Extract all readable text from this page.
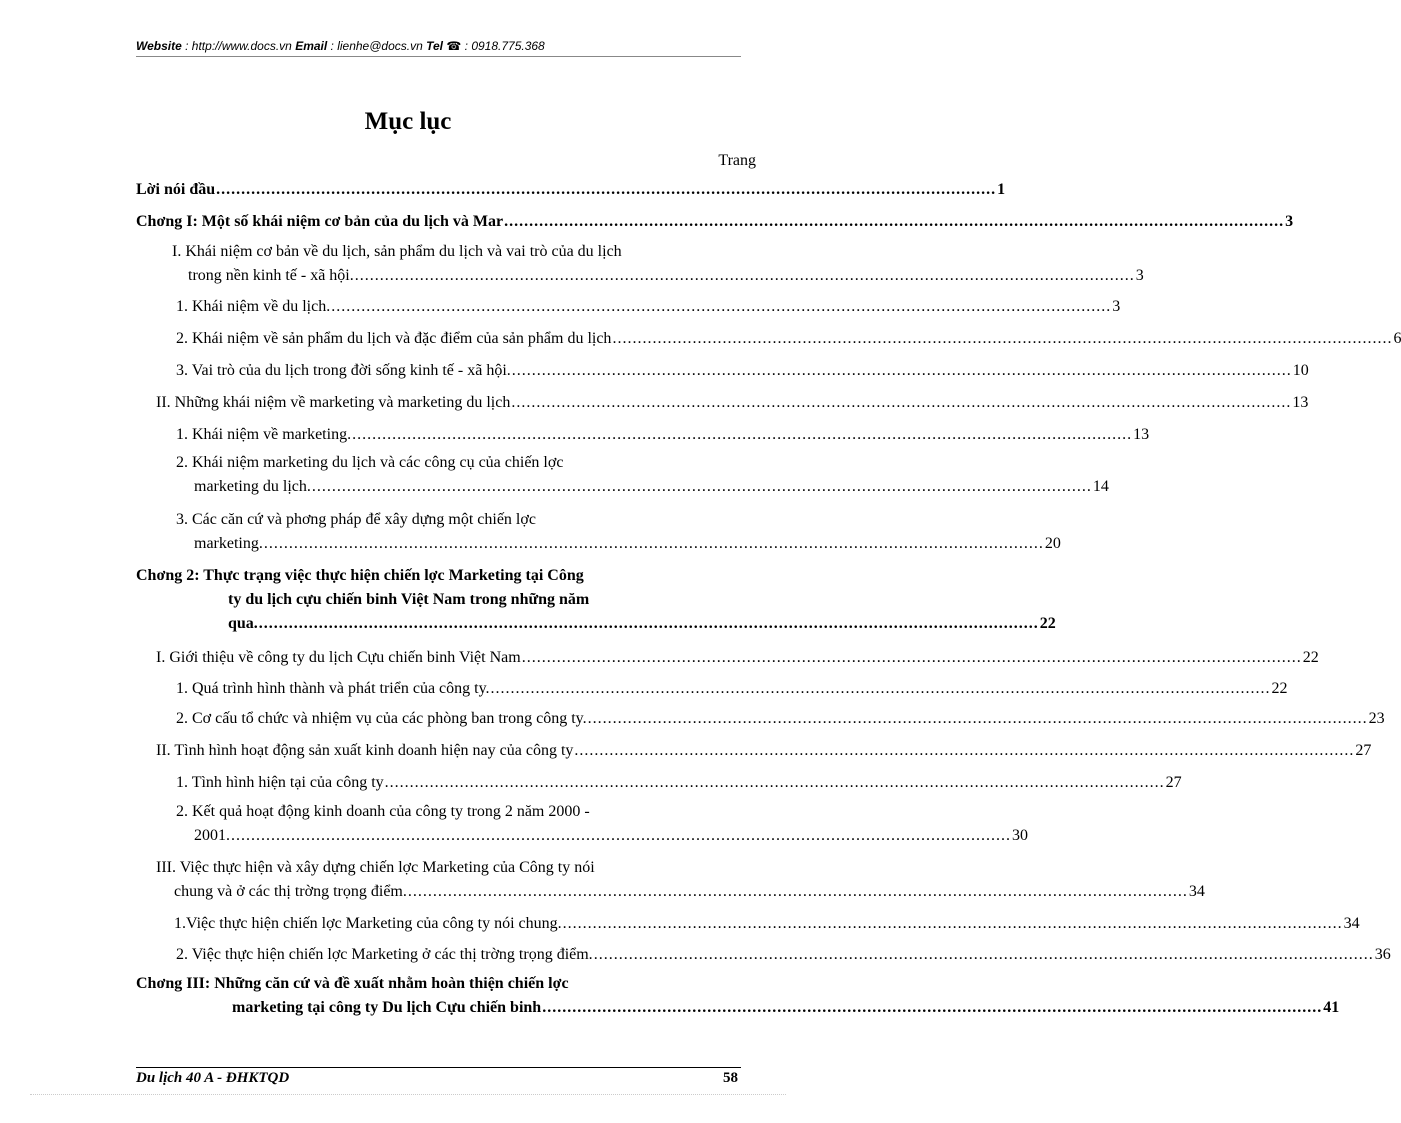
Website : http://www.docs.vn Email : lienhe@docs.vn Tel ☎ : 0918.775.368
Mục lục
Trang
Lời nói đầu ............................................................................................................................................................ 1
Chơng I: Một số khái niệm cơ bản của du lịch và Mar ............................................................................................................................................................ 3
I. Khái niệm cơ bản về du lịch, sản phẩm du lịch và vai trò của du lịch
trong nền kinh tế - xã hội. ............................................................................................................................................................ 3
1. Khái niệm về du lịch. ............................................................................................................................................................ 3
2. Khái niệm về sản phẩm du lịch và đặc điểm của sản phẩm du lịch ............................................................................................................................................................ 6
3. Vai trò của du lịch trong đời sống kinh tế - xã hội. ............................................................................................................................................................ 10
II. Những khái niệm về marketing và marketing du lịch ............................................................................................................................................................ 13
1. Khái niệm về marketing. ............................................................................................................................................................ 13
2. Khái niệm marketing du lịch và các công cụ của chiến lợc
marketing du lịch. ............................................................................................................................................................ 14
3. Các căn cứ và phơng pháp để xây dựng một chiến lợc
marketing. ............................................................................................................................................................ 20
Chơng 2: Thực trạng việc thực hiện chiến lợc Marketing tại Công
ty du lịch cựu chiến binh Việt Nam trong những năm
qua. ............................................................................................................................................................ 22
I. Giới thiệu về công ty du lịch Cựu chiến binh Việt Nam ............................................................................................................................................................ 22
1. Quá trình hình thành và phát triển của công ty. ............................................................................................................................................................ 22
2. Cơ cấu tổ chức và nhiệm vụ của các phòng ban trong công ty. ............................................................................................................................................................ 23
II. Tình hình hoạt động sản xuất kinh doanh hiện nay của công ty ............................................................................................................................................................ 27
1. Tình hình hiện tại của công ty ............................................................................................................................................................ 27
2. Kết quả hoạt động kinh doanh của công ty trong 2 năm 2000 -
2001. ............................................................................................................................................................ 30
III. Việc thực hiện và xây dựng chiến lợc Marketing của Công ty nói
chung và ở các thị trờng trọng điểm. ............................................................................................................................................................ 34
1.Việc thực hiện chiến lợc Marketing của công ty nói chung. ............................................................................................................................................................ 34
2. Việc thực hiện chiến lợc Marketing ở các thị trờng trọng điểm. ............................................................................................................................................................ 36
Chơng III: Những căn cứ và đề xuất nhằm hoàn thiện chiến lợc
marketing tại công ty Du lịch Cựu chiến binh ............................................................................................................................................................ 41
Du lịch 40 A - ĐHKTQD	58
